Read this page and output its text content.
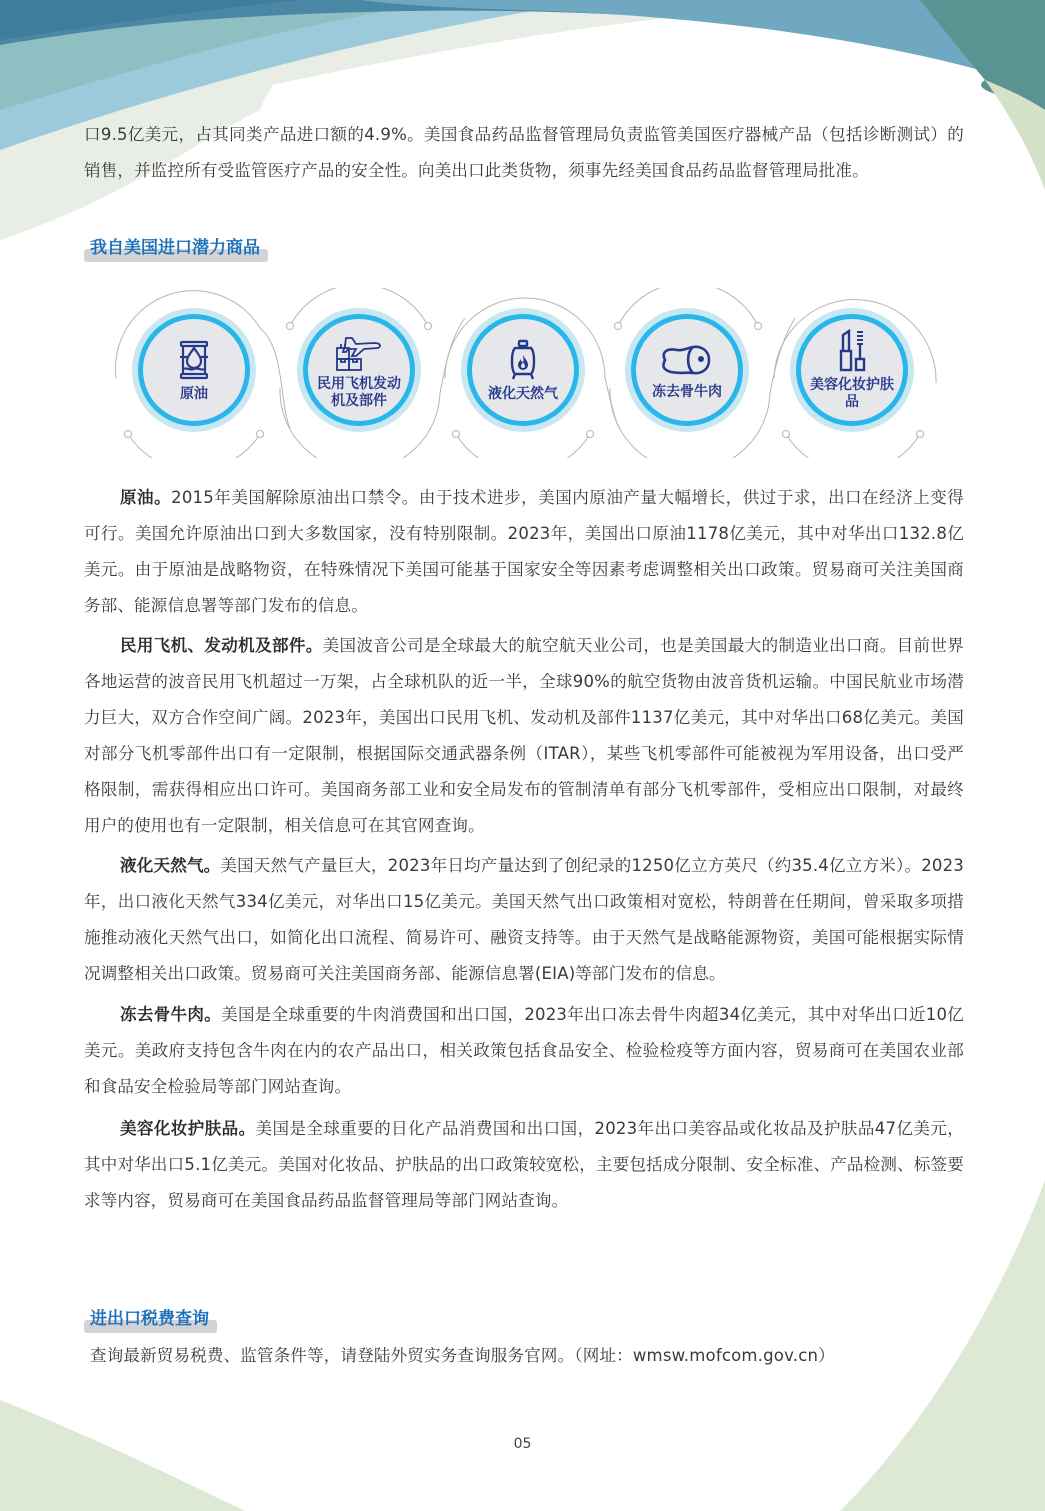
口9.5亿美元，占其同类产品进口额的4.9%。美国食品药品监督管理局负责监管美国医疗器械产品（包括诊断测试）的销售，并监控所有受监管医疗产品的安全性。向美出口此类货物，须事先经美国食品药品监督管理局批准。

我自美国进口潜力商品
原油
民用飞机发动机及部件	液化天然气	冻去骨牛肉	美容化妆护肤品

原油。2015年美国解除原油出口禁令。由于技术进步，美国内原油产量大幅增长，供过于求，出口在经济上变得可行。美国允许原油出口到大多数国家，没有特别限制。2023年，美国出口原油1178亿美元，其中对华出口132.8亿美元。由于原油是战略物资，在特殊情况下美国可能基于国家安全等因素考虑调整相关出口政策。贸易商可关注美国商务部、能源信息署等部门发布的信息。

民用飞机、发动机及部件。美国波音公司是全球最大的航空航天业公司，也是美国最大的制造业出口商。目前世界各地运营的波音民用飞机超过一万架，占全球机队的近一半，全球90%的航空货物由波音货机运输。中国民航业市场潜力巨大，双方合作空间广阔。2023年，美国出口民用飞机、发动机及部件1137亿美元，其中对华出口68亿美元。美国对部分飞机零部件出口有一定限制，根据国际交通武器条例（ITAR），某些飞机零部件可能被视为军用设备，出口受严格限制，需获得相应出口许可。美国商务部工业和安全局发布的管制清单有部分飞机零部件，受相应出口限制，对最终用户的使用也有一定限制，相关信息可在其官网查询。

液化天然气。美国天然气产量巨大，2023年日均产量达到了创纪录的1250亿立方英尺（约35.4亿立方米）。2023年，出口液化天然气334亿美元，对华出口15亿美元。美国天然气出口政策相对宽松，特朗普在任期间，曾采取多项措施推动液化天然气出口，如简化出口流程、简易许可、融资支持等。由于天然气是战略能源物资，美国可能根据实际情况调整相关出口政策。贸易商可关注美国商务部、能源信息署(EIA)等部门发布的信息。

冻去骨牛肉。美国是全球重要的牛肉消费国和出口国，2023年出口冻去骨牛肉超34亿美元，其中对华出口近10亿美元。美政府支持包含牛肉在内的农产品出口，相关政策包括食品安全、检验检疫等方面内容，贸易商可在美国农业部和食品安全检验局等部门网站查询。

美容化妆护肤品。美国是全球重要的日化产品消费国和出口国，2023年出口美容品或化妆品及护肤品47亿美元，其中对华出口5.1亿美元。美国对化妆品、护肤品的出口政策较宽松，主要包括成分限制、安全标准、产品检测、标签要求等内容，贸易商可在美国食品药品监督管理局等部门网站查询。

进出口税费查询

查询最新贸易税费、监管条件等，请登陆外贸实务查询服务官网。（网址：wmsw.mofcom.gov.cn）

05
